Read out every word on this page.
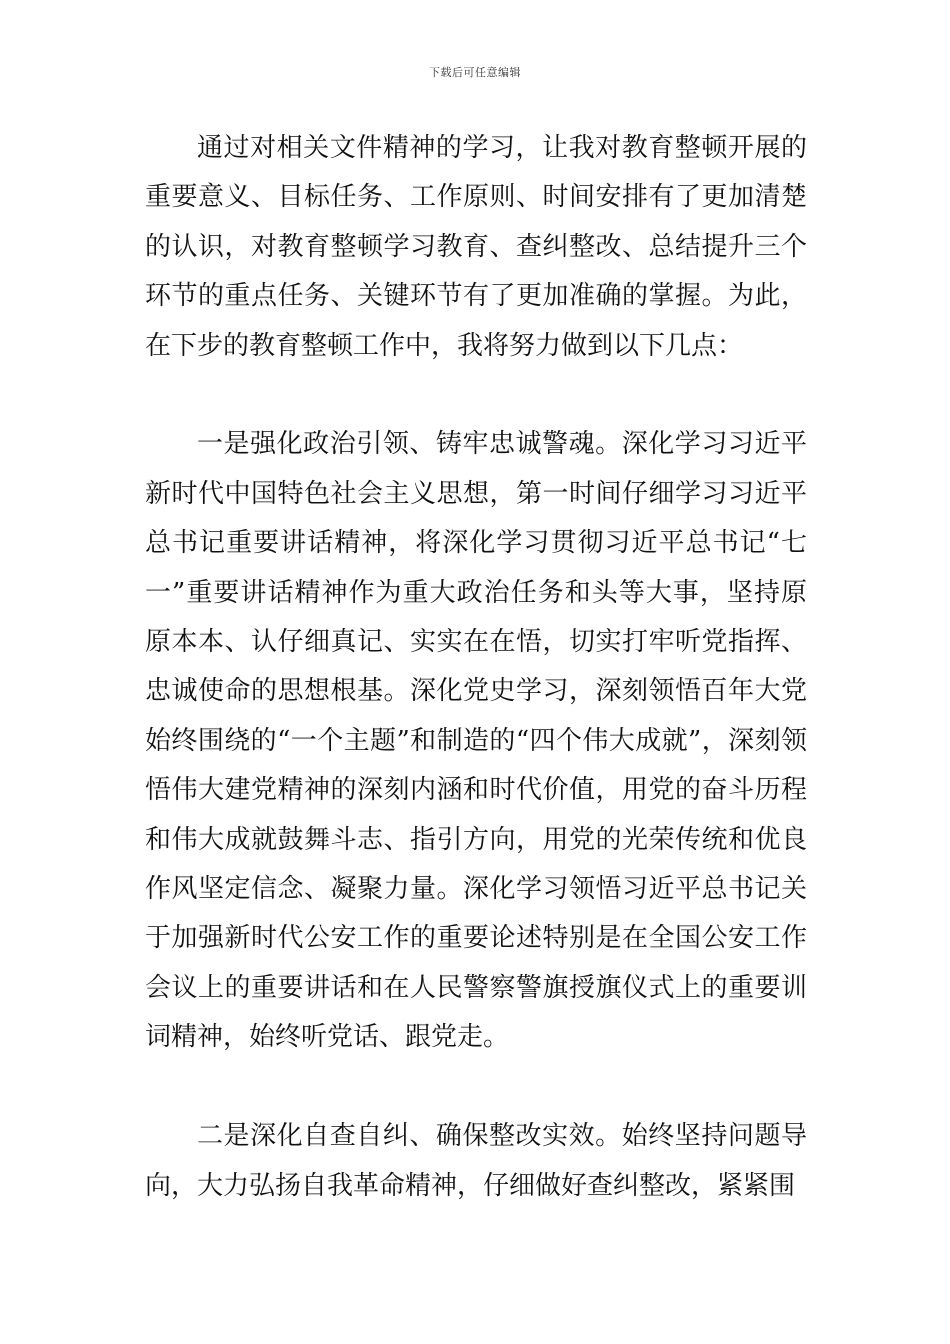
下载后可任意编辑

通过对相关文件精神的学习，让我对教育整顿开展的重要意义、目标任务、工作原则、时间安排有了更加清楚的认识，对教育整顿学习教育、查纠整改、总结提升三个环节的重点任务、关键环节有了更加准确的掌握。为此，在下步的教育整顿工作中，我将努力做到以下几点：

一是强化政治引领、铸牢忠诚警魂。深化学习习近平新时代中国特色社会主义思想，第一时间仔细学习习近平总书记重要讲话精神，将深化学习贯彻习近平总书记“七一”重要讲话精神作为重大政治任务和头等大事，坚持原原本本、认仔细真记、实实在在悟，切实打牢听党指挥、忠诚使命的思想根基。深化党史学习，深刻领悟百年大党始终围绕的“一个主题”和制造的“四个伟大成就”，深刻领悟伟大建党精神的深刻内涵和时代价值，用党的奋斗历程和伟大成就鼓舞斗志、指引方向，用党的光荣传统和优良作风坚定信念、凝聚力量。深化学习领悟习近平总书记关于加强新时代公安工作的重要论述特别是在全国公安工作会议上的重要讲话和在人民警察警旗授旗仪式上的重要训词精神，始终听党话、跟党走。

二是深化自查自纠、确保整改实效。始终坚持问题导向，大力弘扬自我革命精神，仔细做好查纠整改，紧紧围
